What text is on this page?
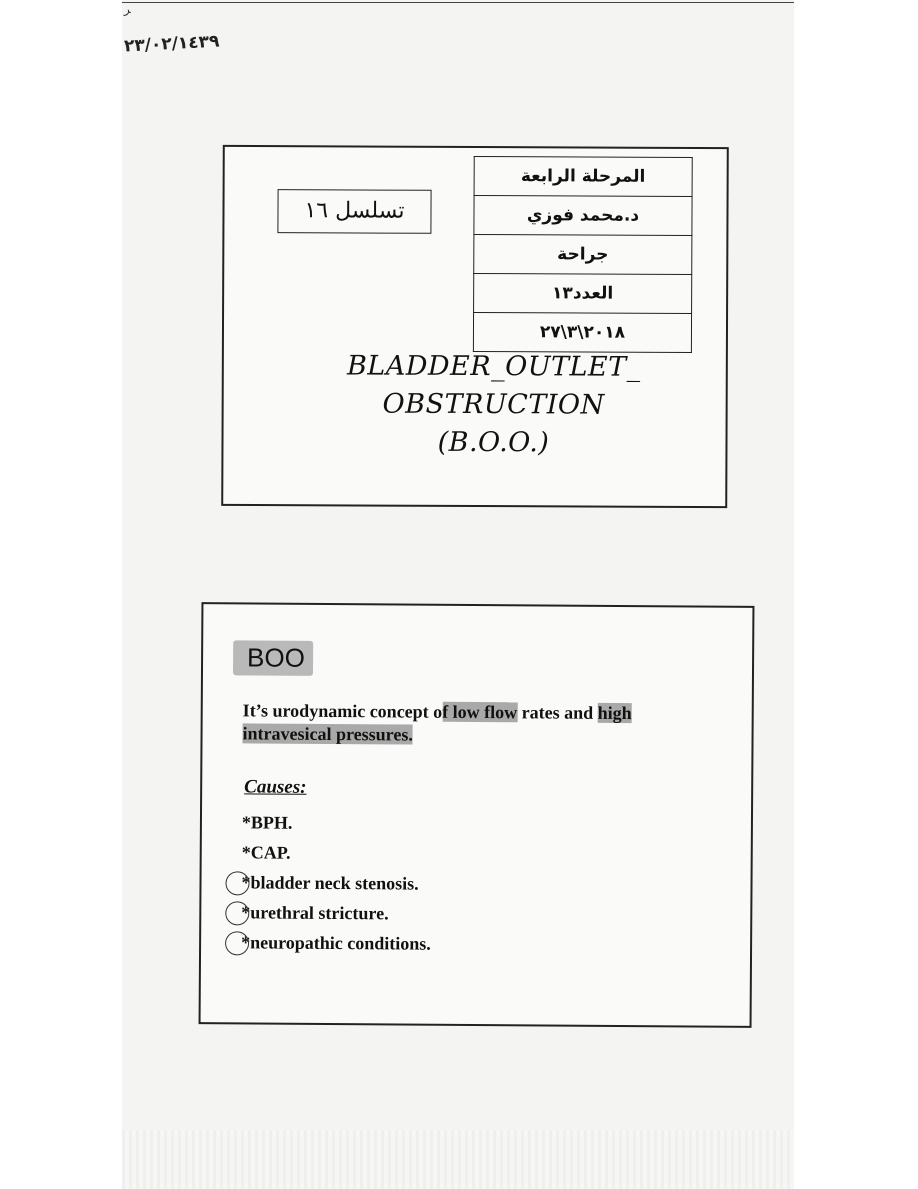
ﺮ
٢٣/٠٢/١٤٣٩
المرحلة الرابعة
د.محمد فوزي
جراحة
العدد١٣
٢٠١٨\٣\٢٧
تسلسل ١٦
BLADDER_OUTLET_
OBSTRUCTION
(B.O.O.)
BOO
It’s urodynamic concept of low flow rates and high
intravesical pressures.
Causes:
*BPH.
*CAP.
*bladder neck stenosis.
*urethral stricture.
*neuropathic conditions.
